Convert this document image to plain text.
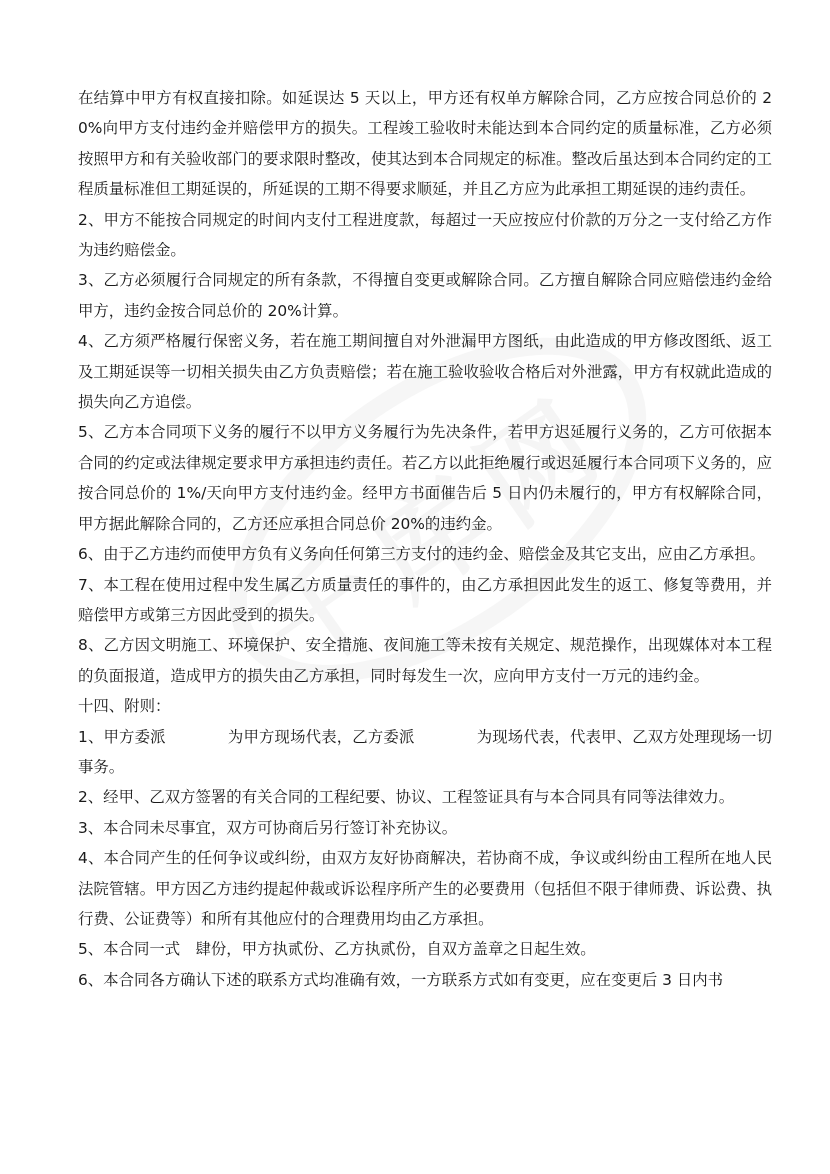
在结算中甲方有权直接扣除。如延误达 5 天以上，甲方还有权单方解除合同，乙方应按合同总价的 20%向甲方支付违约金并赔偿甲方的损失。工程竣工验收时未能达到本合同约定的质量标准，乙方必须按照甲方和有关验收部门的要求限时整改，使其达到本合同规定的标准。整改后虽达到本合同约定的工程质量标准但工期延误的，所延误的工期不得要求顺延，并且乙方应为此承担工期延误的违约责任。

2、甲方不能按合同规定的时间内支付工程进度款，每超过一天应按应付价款的万分之一支付给乙方作为违约赔偿金。

3、乙方必须履行合同规定的所有条款，不得擅自变更或解除合同。乙方擅自解除合同应赔偿违约金给甲方，违约金按合同总价的 20%计算。

4、乙方须严格履行保密义务，若在施工期间擅自对外泄漏甲方图纸，由此造成的甲方修改图纸、返工及工期延误等一切相关损失由乙方负责赔偿；若在施工验收验收合格后对外泄露，甲方有权就此造成的损失向乙方追偿。

5、乙方本合同项下义务的履行不以甲方义务履行为先决条件，若甲方迟延履行义务的，乙方可依据本合同的约定或法律规定要求甲方承担违约责任。若乙方以此拒绝履行或迟延履行本合同项下义务的，应按合同总价的 1%/天向甲方支付违约金。经甲方书面催告后 5 日内仍未履行的，甲方有权解除合同，甲方据此解除合同的，乙方还应承担合同总价 20%的违约金。

6、由于乙方违约而使甲方负有义务向任何第三方支付的违约金、赔偿金及其它支出，应由乙方承担。

7、本工程在使用过程中发生属乙方质量责任的事件的，由乙方承担因此发生的返工、修复等费用，并赔偿甲方或第三方因此受到的损失。

8、乙方因文明施工、环境保护、安全措施、夜间施工等未按有关规定、规范操作，出现媒体对本工程的负面报道，造成甲方的损失由乙方承担，同时每发生一次，应向甲方支付一万元的违约金。

十四、附则：

1、甲方委派　　　　为甲方现场代表，乙方委派　　　　为现场代表，代表甲、乙双方处理现场一切事务。

2、经甲、乙双方签署的有关合同的工程纪要、协议、工程签证具有与本合同具有同等法律效力。

3、本合同未尽事宜，双方可协商后另行签订补充协议。

4、本合同产生的任何争议或纠纷，由双方友好协商解决，若协商不成，争议或纠纷由工程所在地人民法院管辖。甲方因乙方违约提起仲裁或诉讼程序所产生的必要费用（包括但不限于律师费、诉讼费、执行费、公证费等）和所有其他应付的合理费用均由乙方承担。

5、本合同一式　肆份，甲方执贰份、乙方执贰份，自双方盖章之日起生效。

6、本合同各方确认下述的联系方式均准确有效，一方联系方式如有变更，应在变更后 3 日内书
